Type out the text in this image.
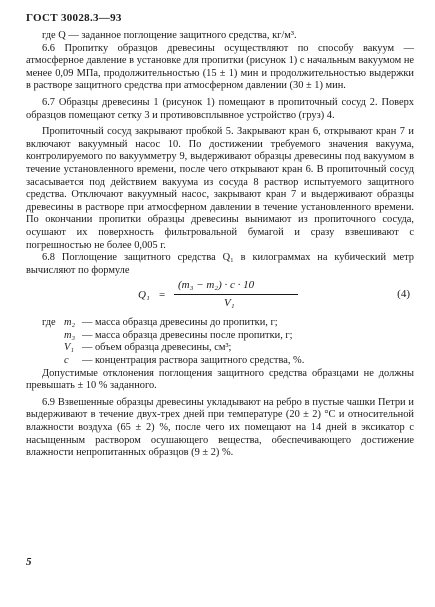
ГОСТ 30028.3—93

где Q — заданное поглощение защитного средства, кг/м³.

6.6 Пропитку образцов древесины осуществляют по способу вакуум — атмосферное давление в установке для пропитки (рисунок 1) с начальным вакуумом не менее 0,09 МПа, продолжительностью (15 ± 1) мин и продолжительностью выдержки в растворе защитного средства при атмосферном давлении (30 ± 1) мин.

6.7 Образцы древесины 1 (рисунок 1) помещают в пропиточный сосуд 2. Поверх образцов помещают сетку 3 и противовсплывное устройство (груз) 4.

Пропиточный сосуд закрывают пробкой 5. Закрывают кран 6, открывают кран 7 и включают вакуумный насос 10. По достижении требуемого значения вакуума, контролируемого по вакуумметру 9, выдерживают образцы древесины под вакуумом в течение установленного времени, после чего открывают кран 6. В пропиточный сосуд засасывается под действием вакуума из сосуда 8 раствор испытуемого защитного средства. Отключают вакуумный насос, закрывают кран 7 и выдерживают образцы древесины в растворе при атмосферном давлении в течение установленного времени. По окончании пропитки образцы древесины вынимают из пропиточного сосуда, осушают их поверхность фильтровальной бумагой и сразу взвешивают с погрешностью не более 0,005 г.

6.8 Поглощение защитного средства Q₁ в килограммах на кубический метр вычисляют по формуле

Q₁ =
(m₃ − m₂) · c · 10
V₁
(4)
где m₂ — масса образца древесины до пропитки, г;
m₃ — масса образца древесины после пропитки, г;
V₁ — объем образца древесины, см³;
c — концентрация раствора защитного средства, %.

Допустимые отклонения поглощения защитного средства образцами не должны превышать ± 10 % заданного.

6.9 Взвешенные образцы древесины укладывают на ребро в пустые чашки Петри и выдерживают в течение двух-трех дней при температуре (20 ± 2) °С и относительной влажности воздуха (65 ± 2) %, после чего их помещают на 14 дней в эксикатор с насыщенным раствором осушающего вещества, обеспечивающего достижение влажности непропитанных образцов (9 ± 2) %.

5
